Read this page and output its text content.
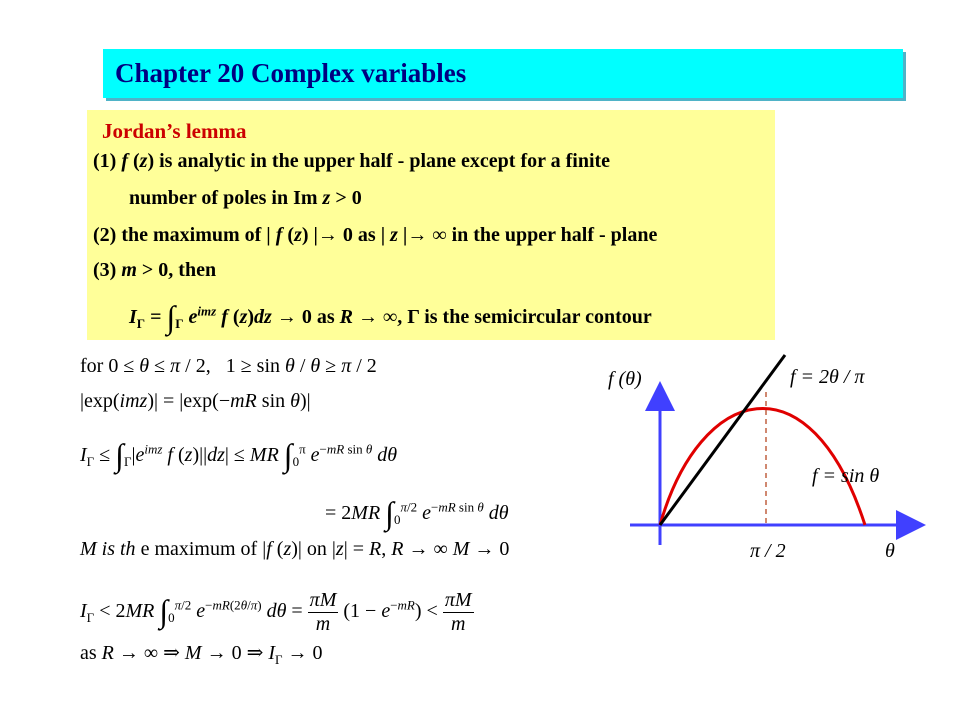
Chapter 20 Complex variables
Jordan’s lemma
(1) f (z) is analytic in the upper half - plane except for a finite
number of poles in Im z > 0
(2) the maximum of | f (z) |→ 0 as | z |→ ∞ in the upper half - plane
(3) m > 0, then
$I_\Gamma = \int_\Gamma$ $e^{imz}$ f (z)dz → 0 as R → ∞, Γ is the semicircular contour
for 0 ≤ θ ≤ π / 2,   1 ≥ sin θ / θ ≥ π / 2
|exp(imz)| = |exp(−mR sin θ)|
$I_\Gamma \le \int_\Gamma|e^{imz}$ f (z)||dz| ≤ MR $\int_0^\pi$ $e^{-mR sin \theta}$ dθ
= 2MR $\int_0^{\pi/2}$ $e^{-mR sin \theta}$ dθ
M is th e maximum of |f (z)| on |z| = R, R → ∞ M → 0
$I_\Gamma < 2MR$ $\int_0^{\pi/2}$ $e^{-mR(2\theta/\pi)}$ $d\theta = \frac{\pi M}{m} (1 - e^{-mR}) < \frac{\pi M}{m}$
as R → ∞ ⇒ M → 0 ⇒ $I_\Gamma \to 0$
f (θ)	f = 2θ / π
f = sin θ
π / 2	θ
